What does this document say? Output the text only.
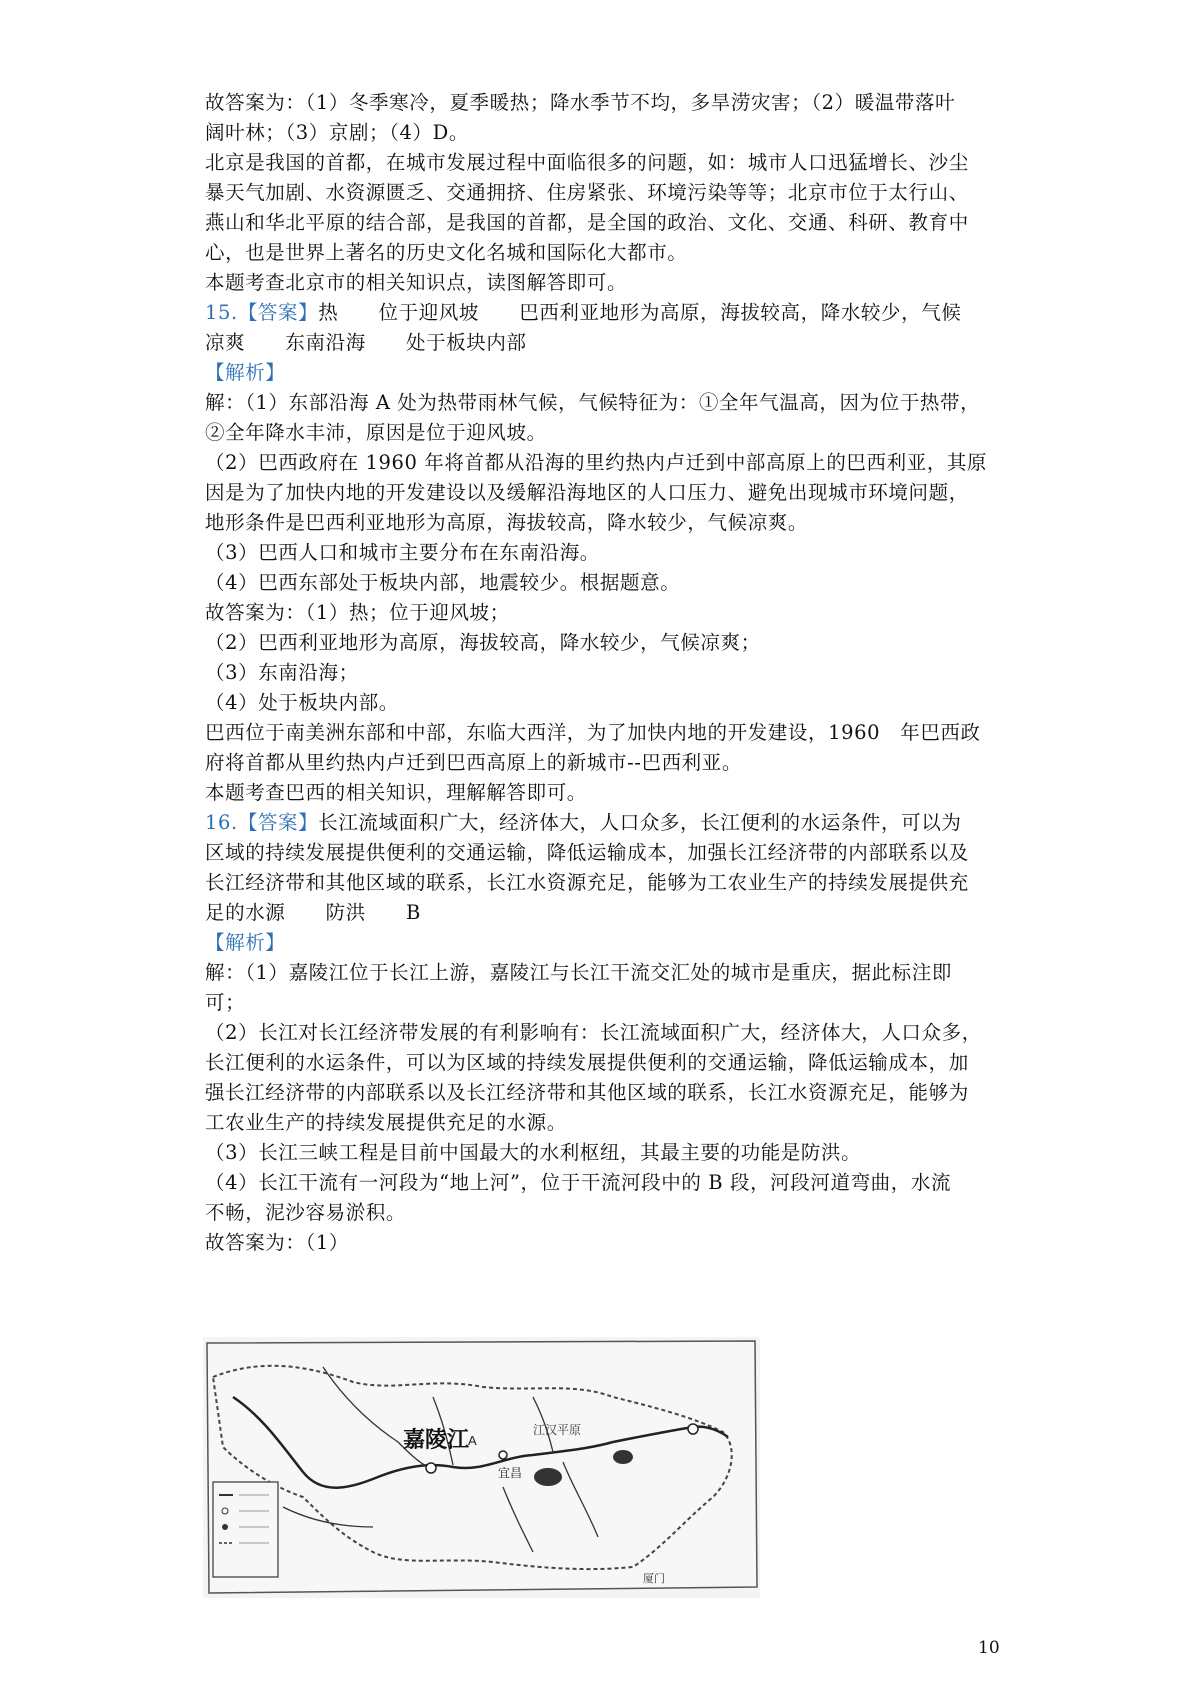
故答案为：（1）冬季寒冷，夏季暖热；降水季节不均，多旱涝灾害；（2）暖温带落叶

阔叶林；（3）京剧；（4）D。

北京是我国的首都，在城市发展过程中面临很多的问题，如：城市人口迅猛增长、沙尘

暴天气加剧、水资源匮乏、交通拥挤、住房紧张、环境污染等等；北京市位于太行山、

燕山和华北平原的结合部，是我国的首都，是全国的政治、文化、交通、科研、教育中

心，也是世界上著名的历史文化名城和国际化大都市。

本题考查北京市的相关知识点，读图解答即可。

15.【答案】热　　位于迎风坡　　巴西利亚地形为高原，海拔较高，降水较少，气候

凉爽　　东南沿海　　处于板块内部

【解析】

解：（1）东部沿海 A 处为热带雨林气候，气候特征为：①全年气温高，因为位于热带，

②全年降水丰沛，原因是位于迎风坡。

（2）巴西政府在 1960 年将首都从沿海的里约热内卢迁到中部高原上的巴西利亚，其原

因是为了加快内地的开发建设以及缓解沿海地区的人口压力、避免出现城市环境问题，

地形条件是巴西利亚地形为高原，海拔较高，降水较少，气候凉爽。

（3）巴西人口和城市主要分布在东南沿海。

（4）巴西东部处于板块内部，地震较少。根据题意。

故答案为：（1）热；位于迎风坡；

（2）巴西利亚地形为高原，海拔较高，降水较少，气候凉爽；

（3）东南沿海；

（4）处于板块内部。

巴西位于南美洲东部和中部，东临大西洋，为了加快内地的开发建设，1960　年巴西政

府将首都从里约热内卢迁到巴西高原上的新城市--巴西利亚。

本题考查巴西的相关知识，理解解答即可。

16.【答案】长江流域面积广大，经济体大，人口众多，长江便利的水运条件，可以为

区域的持续发展提供便利的交通运输，降低运输成本，加强长江经济带的内部联系以及

长江经济带和其他区域的联系，长江水资源充足，能够为工农业生产的持续发展提供充

足的水源　　防洪　　B

【解析】

解：（1）嘉陵江位于长江上游，嘉陵江与长江干流交汇处的城市是重庆，据此标注即

可；

（2）长江对长江经济带发展的有利影响有：长江流域面积广大，经济体大，人口众多，

长江便利的水运条件，可以为区域的持续发展提供便利的交通运输，降低运输成本，加

强长江经济带的内部联系以及长江经济带和其他区域的联系，长江水资源充足，能够为

工农业生产的持续发展提供充足的水源。

（3）长江三峡工程是目前中国最大的水利枢纽，其最主要的功能是防洪。

（4）长江干流有一河段为“地上河”，位于干流河段中的 B 段，河段河道弯曲，水流

不畅，泥沙容易淤积。

故答案为：（1）

嘉陵江
A
宜昌
江汉平原
厦门
10
